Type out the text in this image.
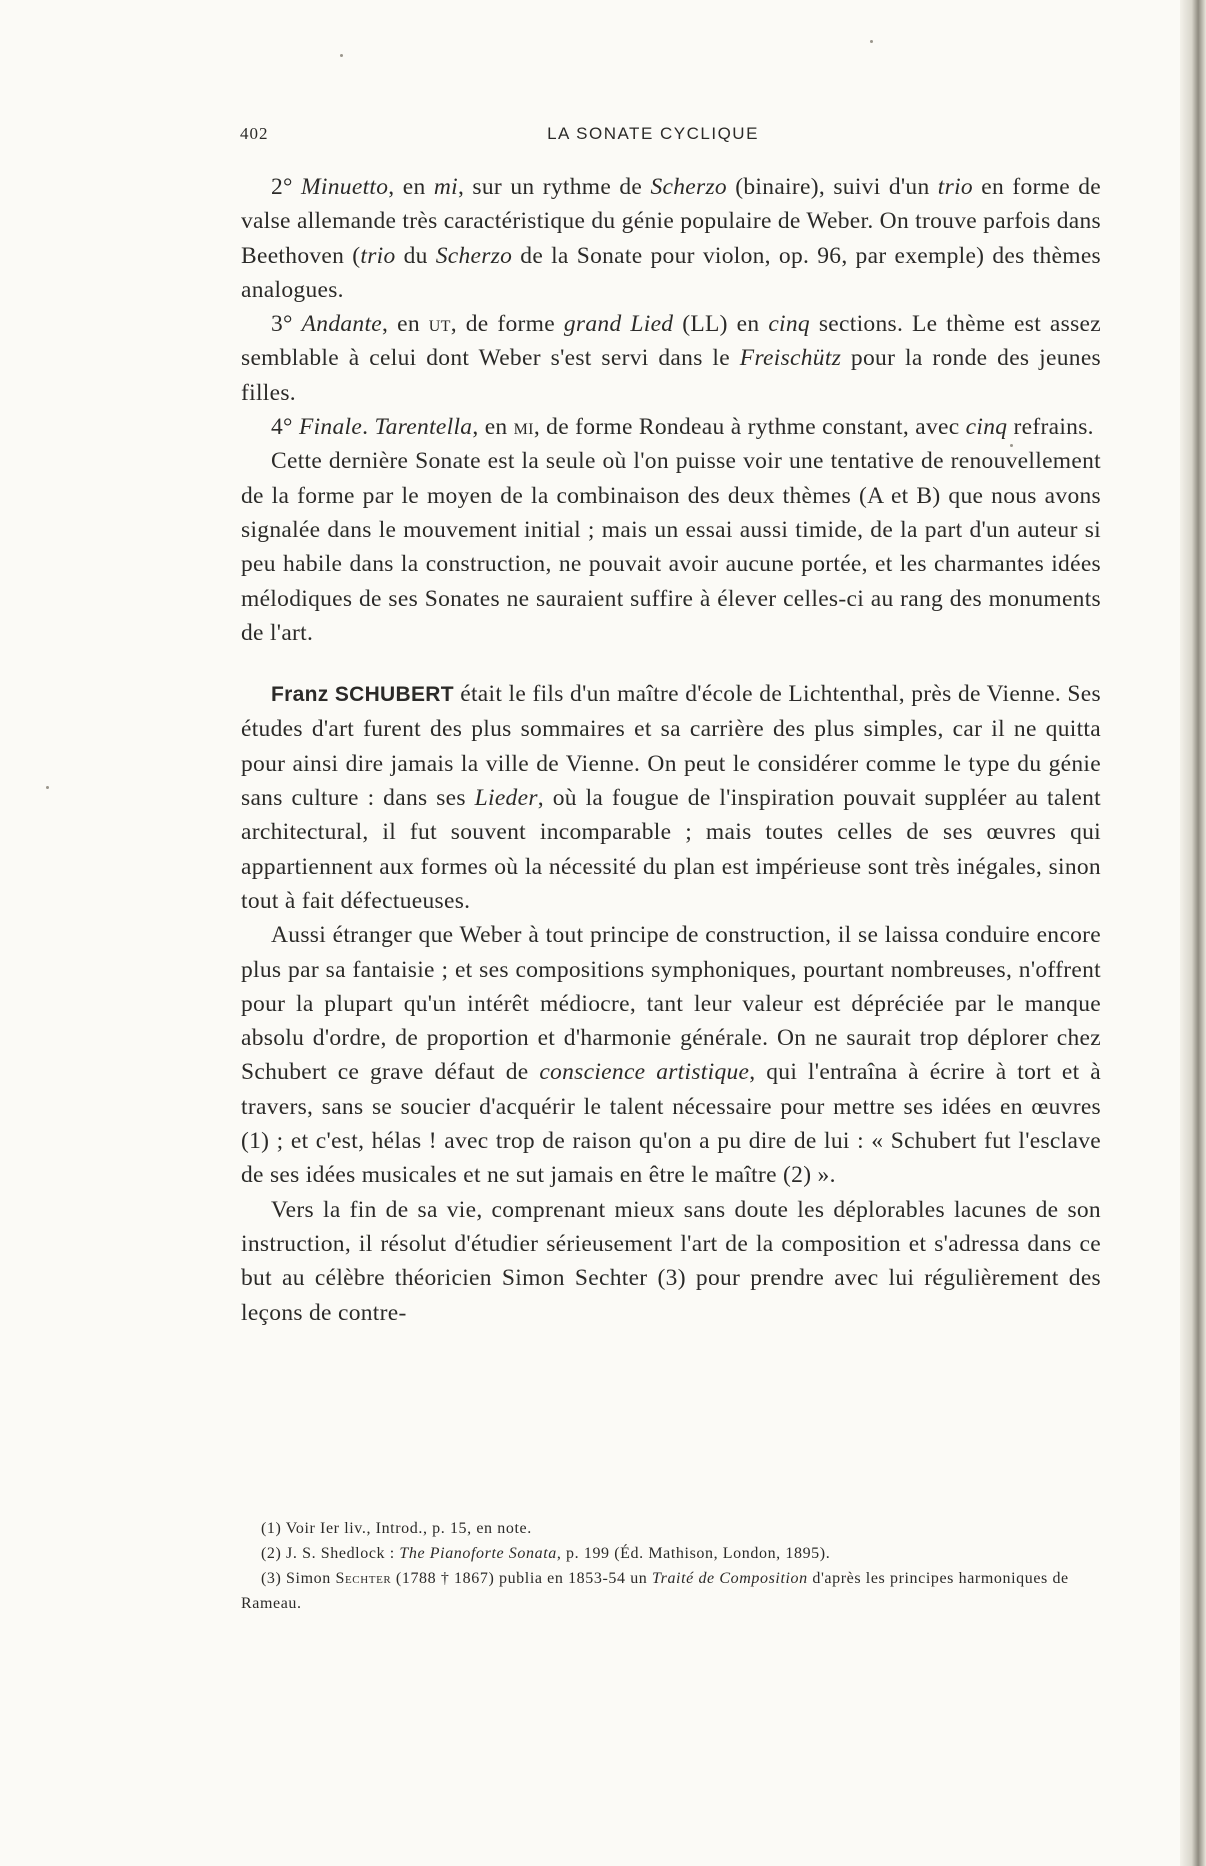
402	LA SONATE CYCLIQUE

2° Minuetto, en mi, sur un rythme de Scherzo (binaire), suivi d'un trio en forme de valse allemande très caractéristique du génie populaire de Weber. On trouve parfois dans Beethoven (trio du Scherzo de la Sonate pour violon, op. 96, par exemple) des thèmes analogues.

3° Andante, en ut, de forme grand Lied (LL) en cinq sections. Le thème est assez semblable à celui dont Weber s'est servi dans le Freischütz pour la ronde des jeunes filles.

4° Finale. Tarentella, en mi, de forme Rondeau à rythme constant, avec cinq refrains.

Cette dernière Sonate est la seule où l'on puisse voir une tentative de renouvellement de la forme par le moyen de la combinaison des deux thèmes (A et B) que nous avons signalée dans le mouvement initial ; mais un essai aussi timide, de la part d'un auteur si peu habile dans la construction, ne pouvait avoir aucune portée, et les charmantes idées mélodiques de ses Sonates ne sauraient suffire à élever celles-ci au rang des monuments de l'art.

Franz SCHUBERT était le fils d'un maître d'école de Lichtenthal, près de Vienne. Ses études d'art furent des plus sommaires et sa carrière des plus simples, car il ne quitta pour ainsi dire jamais la ville de Vienne. On peut le considérer comme le type du génie sans culture : dans ses Lieder, où la fougue de l'inspiration pouvait suppléer au talent architectural, il fut souvent incomparable ; mais toutes celles de ses œuvres qui appartiennent aux formes où la nécessité du plan est impérieuse sont très inégales, sinon tout à fait défectueuses.

Aussi étranger que Weber à tout principe de construction, il se laissa conduire encore plus par sa fantaisie ; et ses compositions symphoniques, pourtant nombreuses, n'offrent pour la plupart qu'un intérêt médiocre, tant leur valeur est dépréciée par le manque absolu d'ordre, de proportion et d'harmonie générale. On ne saurait trop déplorer chez Schubert ce grave défaut de conscience artistique, qui l'entraîna à écrire à tort et à travers, sans se soucier d'acquérir le talent nécessaire pour mettre ses idées en œuvres (1) ; et c'est, hélas ! avec trop de raison qu'on a pu dire de lui : « Schubert fut l'esclave de ses idées musicales et ne sut jamais en être le maître (2) ».

Vers la fin de sa vie, comprenant mieux sans doute les déplorables lacunes de son instruction, il résolut d'étudier sérieusement l'art de la composition et s'adressa dans ce but au célèbre théoricien Simon Sechter (3) pour prendre avec lui régulièrement des leçons de contre-

(1) Voir Ier liv., Introd., p. 15, en note.

(2) J. S. Shedlock : The Pianoforte Sonata, p. 199 (Éd. Mathison, London, 1895).

(3) Simon Sechter (1788 † 1867) publia en 1853-54 un Traité de Composition d'après les principes harmoniques de Rameau.
